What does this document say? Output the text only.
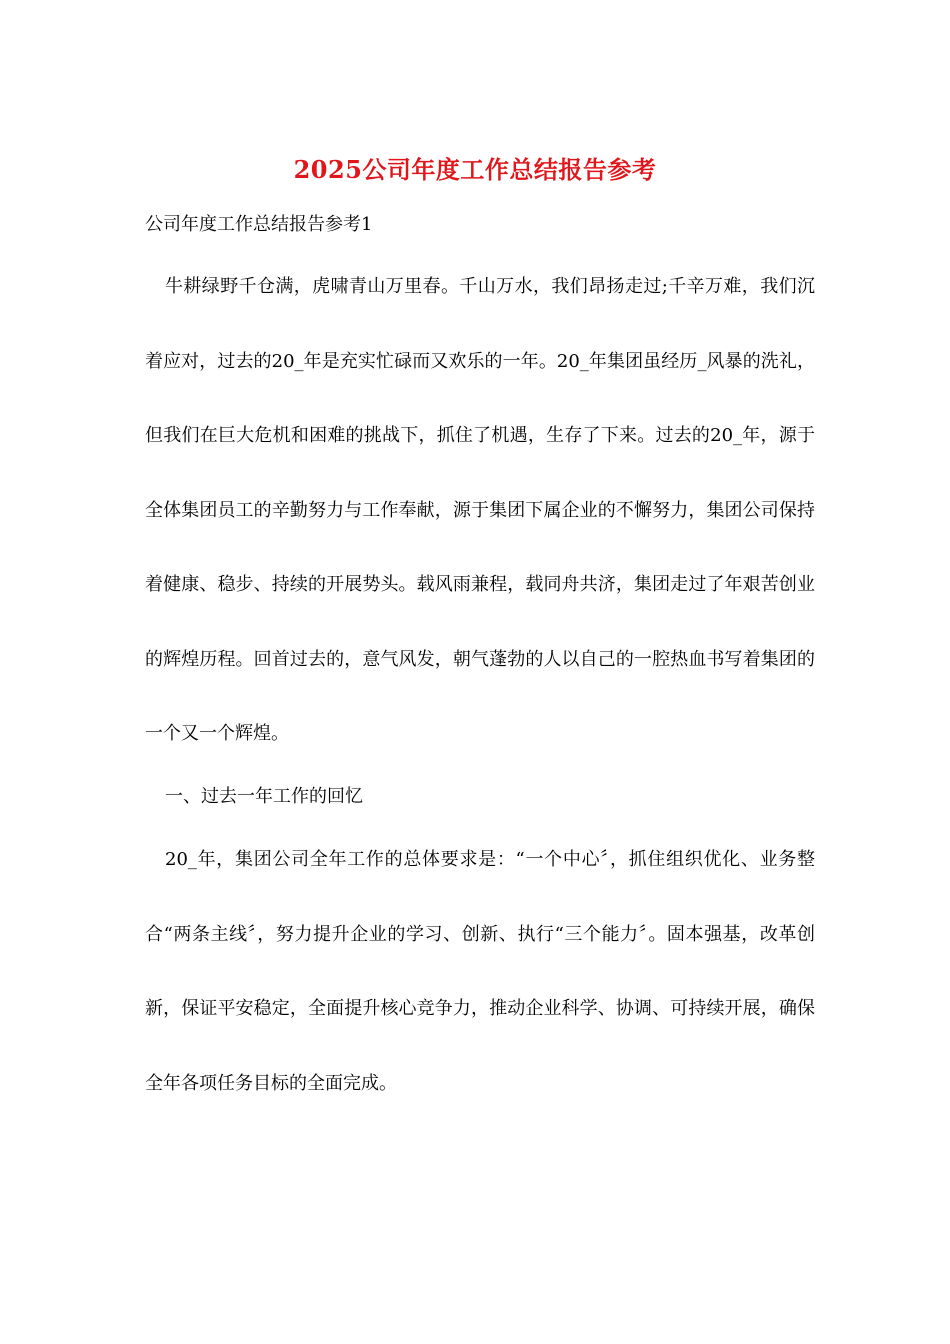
2025公司年度工作总结报告参考
公司年度工作总结报告参考1

牛耕绿野千仓满，虎啸青山万里春。千山万水，我们昂扬走过;千辛万难，我们沉着应对，过去的20_年是充实忙碌而又欢乐的一年。20_年集团虽经历_风暴的洗礼，但我们在巨大危机和困难的挑战下，抓住了机遇，生存了下来。过去的20_年，源于全体集团员工的辛勤努力与工作奉献，源于集团下属企业的不懈努力，集团公司保持着健康、稳步、持续的开展势头。载风雨兼程，载同舟共济，集团走过了年艰苦创业的辉煌历程。回首过去的，意气风发，朝气蓬勃的人以自己的一腔热血书写着集团的一个又一个辉煌。

一、过去一年工作的回忆

20_年，集团公司全年工作的总体要求是：“一个中心〞，抓住组织优化、业务整合“两条主线〞，努力提升企业的学习、创新、执行“三个能力〞。固本强基，改革创新，保证平安稳定，全面提升核心竞争力，推动企业科学、协调、可持续开展，确保全年各项任务目标的全面完成。
